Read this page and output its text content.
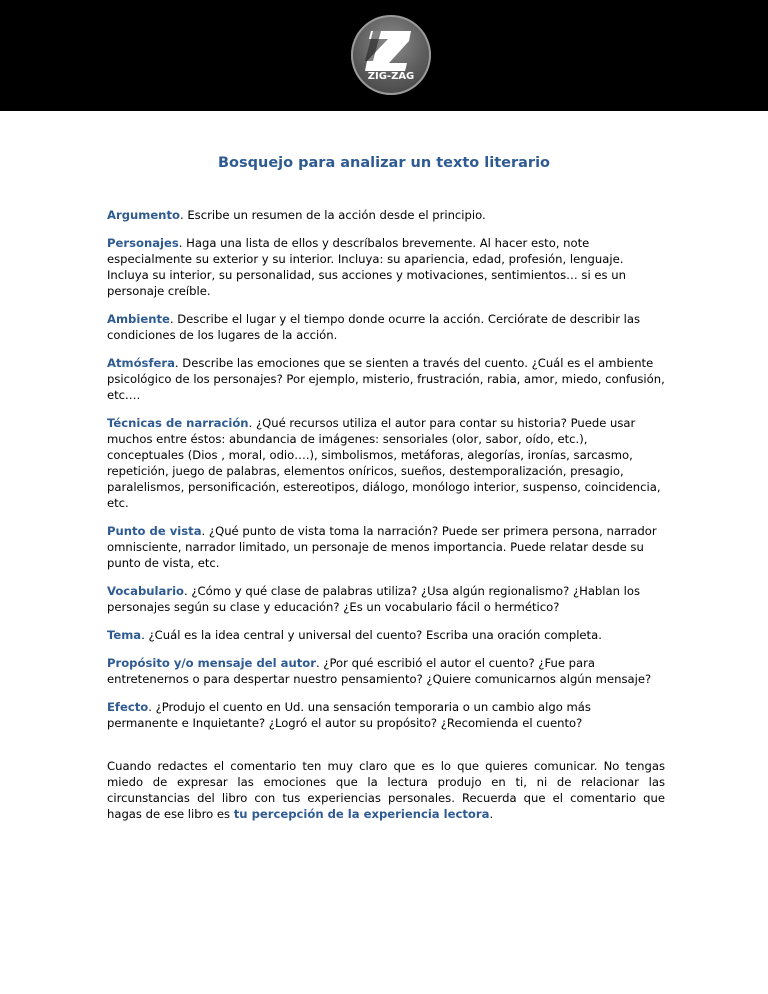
ZIG-ZAG
Bosquejo para analizar un texto literario

Argumento. Escribe un resumen de la acción desde el principio.

Personajes. Haga una lista de ellos y descríbalos brevemente. Al hacer esto, note especialmente su exterior y su interior. Incluya: su apariencia, edad, profesión, lenguaje. Incluya su interior, su personalidad, sus acciones y motivaciones, sentimientos… si es un personaje creíble.

Ambiente. Describe el lugar y el tiempo donde ocurre la acción. Cerciórate de describir las condiciones de los lugares de la acción.

Atmósfera. Describe las emociones que se sienten a través del cuento. ¿Cuál es el ambiente psicológico de los personajes? Por ejemplo, misterio, frustración, rabia, amor, miedo, confusión, etc.…

Técnicas de narración. ¿Qué recursos utiliza el autor para contar su historia? Puede usar muchos entre éstos: abundancia de imágenes: sensoriales (olor, sabor, oído, etc.), conceptuales (Dios , moral, odio….), simbolismos, metáforas, alegorías, ironías, sarcasmo, repetición, juego de palabras, elementos oníricos, sueños, destemporalización, presagio, paralelismos, personificación, estereotipos, diálogo, monólogo interior, suspenso, coincidencia, etc.

Punto de vista. ¿Qué punto de vista toma la narración? Puede ser primera persona, narrador omnisciente, narrador limitado, un personaje de menos importancia. Puede relatar desde su punto de vista, etc.

Vocabulario. ¿Cómo y qué clase de palabras utiliza? ¿Usa algún regionalismo? ¿Hablan los personajes según su clase y educación? ¿Es un vocabulario fácil o hermético?

Tema. ¿Cuál es la idea central y universal del cuento? Escriba una oración completa.

Propósito y/o mensaje del autor. ¿Por qué escribió el autor el cuento? ¿Fue para entretenernos o para despertar nuestro pensamiento? ¿Quiere comunicarnos algún mensaje?

Efecto. ¿Produjo el cuento en Ud. una sensación temporaria o un cambio algo más permanente e Inquietante? ¿Logró el autor su propósito? ¿Recomienda el cuento?

Cuando redactes el comentario ten muy claro que es lo que quieres comunicar. No tengas miedo de expresar las emociones que la lectura produjo en ti, ni de relacionar las circunstancias del libro con tus experiencias personales. Recuerda que el comentario que hagas de ese libro es tu percepción de la experiencia lectora.
